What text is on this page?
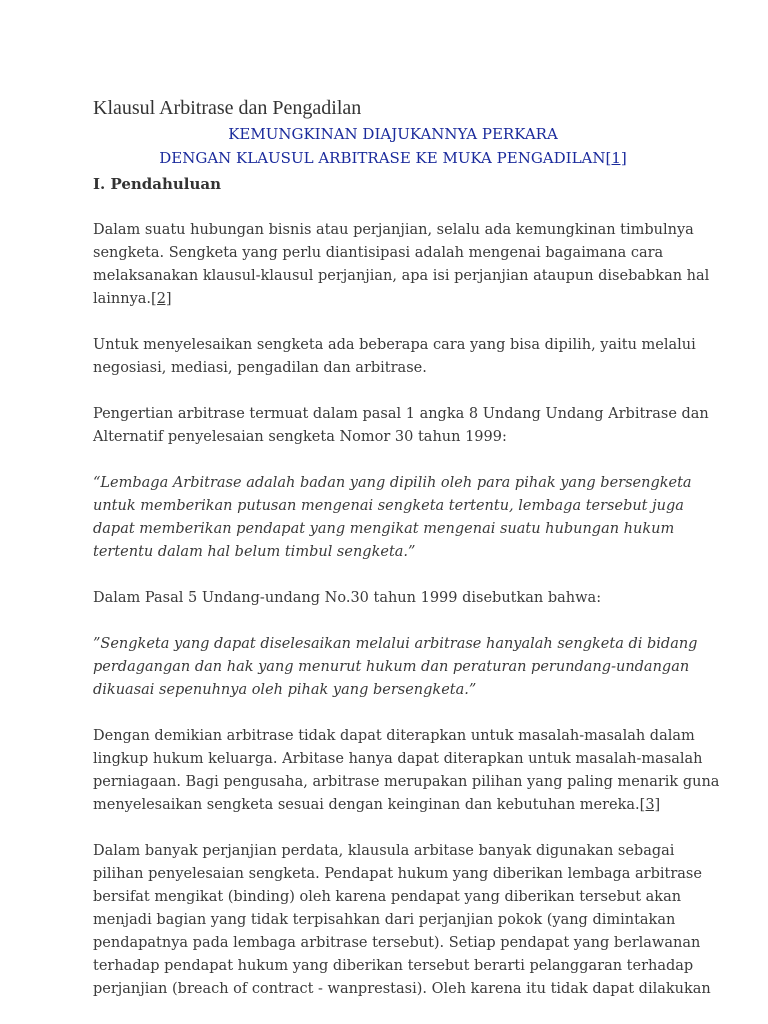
Klausul Arbitrase dan Pengadilan
KEMUNGKINAN DIAJUKANNYA PERKARA
DENGAN KLAUSUL ARBITRASE KE MUKA PENGADILAN[1]
I. Pendahuluan

Dalam suatu hubungan bisnis atau perjanjian, selalu ada kemungkinan timbulnya

sengketa. Sengketa yang perlu diantisipasi adalah mengenai bagaimana cara

melaksanakan klausul-klausul perjanjian, apa isi perjanjian ataupun disebabkan hal

lainnya.[2]

Untuk menyelesaikan sengketa ada beberapa cara yang bisa dipilih, yaitu melalui

negosiasi, mediasi, pengadilan dan arbitrase.

Pengertian arbitrase termuat dalam pasal 1 angka 8 Undang Undang Arbitrase dan

Alternatif penyelesaian sengketa Nomor 30 tahun 1999:

“Lembaga Arbitrase adalah badan yang dipilih oleh para pihak yang bersengketa

untuk memberikan putusan mengenai sengketa tertentu, lembaga tersebut juga

dapat memberikan pendapat yang mengikat mengenai suatu hubungan hukum

tertentu dalam hal belum timbul sengketa.”

Dalam Pasal 5 Undang-undang No.30 tahun 1999 disebutkan bahwa:

”Sengketa yang dapat diselesaikan melalui arbitrase hanyalah sengketa di bidang

perdagangan dan hak yang menurut hukum dan peraturan perundang-undangan

dikuasai sepenuhnya oleh pihak yang bersengketa.”

Dengan demikian arbitrase tidak dapat diterapkan untuk masalah-masalah dalam

lingkup hukum keluarga. Arbitase hanya dapat diterapkan untuk masalah-masalah

perniagaan. Bagi pengusaha, arbitrase merupakan pilihan yang paling menarik guna

menyelesaikan sengketa sesuai dengan keinginan dan kebutuhan mereka.[3]

Dalam banyak perjanjian perdata, klausula arbitase banyak digunakan sebagai

pilihan penyelesaian sengketa. Pendapat hukum yang diberikan lembaga arbitrase

bersifat mengikat (binding) oleh karena pendapat yang diberikan tersebut akan

menjadi bagian yang tidak terpisahkan dari perjanjian pokok (yang dimintakan

pendapatnya pada lembaga arbitrase tersebut). Setiap pendapat yang berlawanan

terhadap pendapat hukum yang diberikan tersebut berarti pelanggaran terhadap

perjanjian (breach of contract - wanprestasi). Oleh karena itu tidak dapat dilakukan
